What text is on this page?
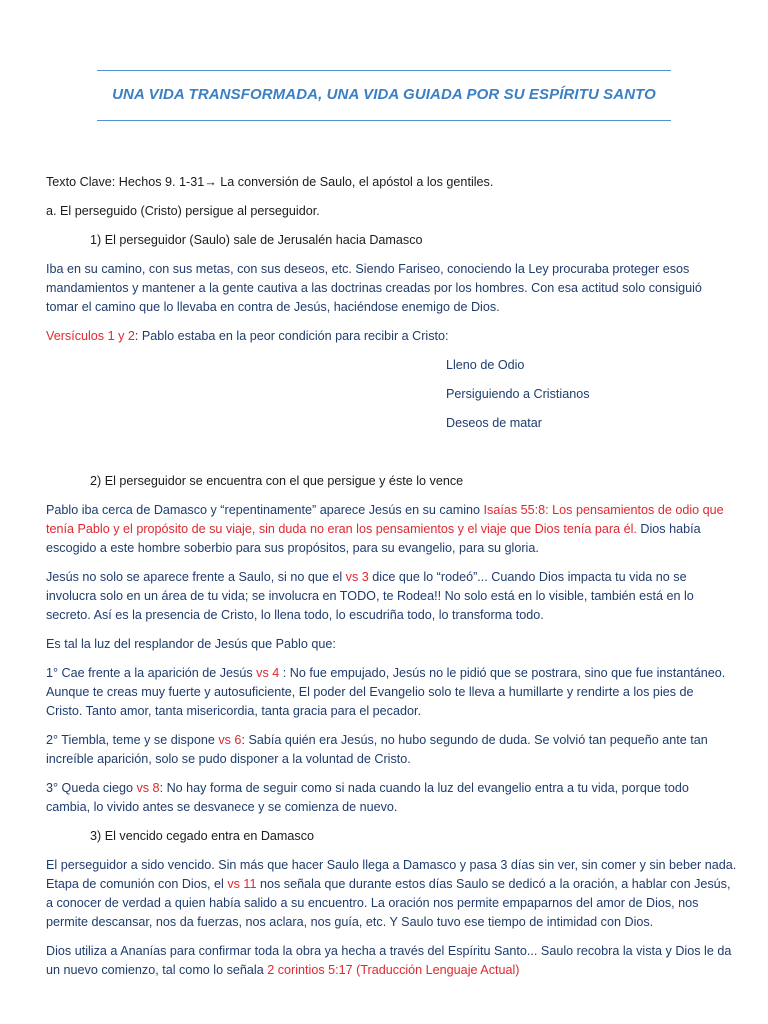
UNA VIDA TRANSFORMADA, UNA VIDA GUIADA POR SU ESPÍRITU SANTO
Texto Clave: Hechos 9. 1-31→ La conversión de Saulo, el apóstol a los gentiles.
a. El perseguido (Cristo) persigue al perseguidor.
1) El perseguidor (Saulo) sale de Jerusalén hacia Damasco
Iba en su camino, con sus metas, con sus deseos, etc. Siendo Fariseo, conociendo la Ley procuraba proteger esos
mandamientos y mantener a la gente cautiva a las doctrinas creadas por los hombres. Con esa actitud solo consiguió
tomar el camino que lo llevaba en contra de Jesús, haciéndose enemigo de Dios.
Versículos 1 y 2: Pablo estaba en la peor condición para recibir a Cristo:
Lleno de Odio
Persiguiendo a Cristianos
Deseos de matar
2) El perseguidor se encuentra con el que persigue y éste lo vence
Pablo iba cerca de Damasco y “repentinamente” aparece Jesús en su camino Isaías 55:8: Los pensamientos de odio que
tenía Pablo y el propósito de su viaje, sin duda no eran los pensamientos y el viaje que Dios tenía para él. Dios había
escogido a este hombre soberbio para sus propósitos, para su evangelio, para su gloria.
Jesús no solo se aparece frente a Saulo, si no que el vs 3 dice que lo “rodeó”... Cuando Dios impacta tu vida no se
involucra solo en un área de tu vida; se involucra en TODO, te Rodea!! No solo está en lo visible, también está en lo
secreto. Así es la presencia de Cristo, lo llena todo, lo escudriña todo, lo transforma todo.
Es tal la luz del resplandor de Jesús que Pablo que:
1° Cae frente a la aparición de Jesús vs 4 : No fue empujado, Jesús no le pidió que se postrara, sino que fue instantáneo.
Aunque te creas muy fuerte y autosuficiente, El poder del Evangelio solo te lleva a humillarte y rendirte a los pies de
Cristo. Tanto amor, tanta misericordia, tanta gracia para el pecador.
2° Tiembla, teme y se dispone vs 6: Sabía quién era Jesús, no hubo segundo de duda. Se volvió tan pequeño ante tan
increíble aparición, solo se pudo disponer a la voluntad de Cristo.
3° Queda ciego vs 8: No hay forma de seguir como si nada cuando la luz del evangelio entra a tu vida, porque todo
cambia, lo vivido antes se desvanece y se comienza de nuevo.
3) El vencido cegado entra en Damasco
El perseguidor a sido vencido. Sin más que hacer Saulo llega a Damasco y pasa 3 días sin ver, sin comer y sin beber nada.
Etapa de comunión con Dios, el vs 11 nos señala que durante estos días Saulo se dedicó a la oración, a hablar con Jesús,
a conocer de verdad a quien había salido a su encuentro. La oración nos permite empaparnos del amor de Dios, nos
permite descansar, nos da fuerzas, nos aclara, nos guía, etc. Y Saulo tuvo ese tiempo de intimidad con Dios.
Dios utiliza a Ananías para confirmar toda la obra ya hecha a través del Espíritu Santo... Saulo recobra la vista y Dios le da
un nuevo comienzo, tal como lo señala 2 corintios 5:17 (Traducción Lenguaje Actual)
